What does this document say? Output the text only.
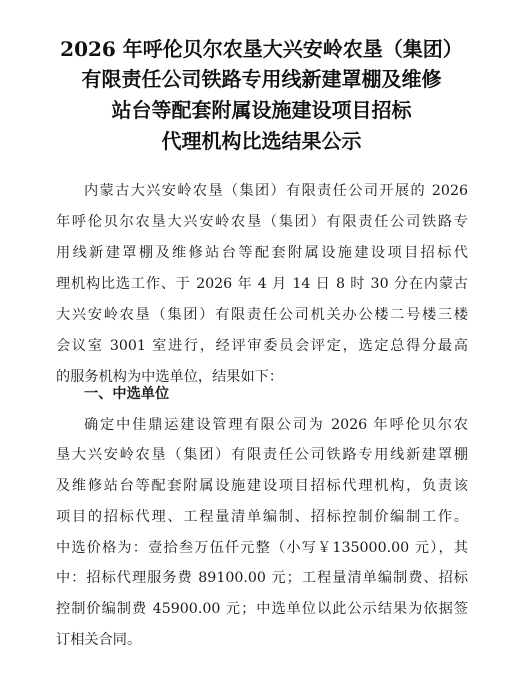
2026 年呼伦贝尔农垦大兴安岭农垦（集团）
有限责任公司铁路专用线新建罩棚及维修
站台等配套附属设施建设项目招标
代理机构比选结果公示
内蒙古大兴安岭农垦（集团）有限责任公司开展的 2026
年呼伦贝尔农垦大兴安岭农垦（集团）有限责任公司铁路专
用线新建罩棚及维修站台等配套附属设施建设项目招标代
理机构比选工作、于 2026 年 4 月 14 日 8 时 30 分在内蒙古
大兴安岭农垦（集团）有限责任公司机关办公楼二号楼三楼
会议室 3001 室进行，经评审委员会评定，选定总得分最高
的服务机构为中选单位，结果如下：
一、中选单位
确定中佳鼎运建设管理有限公司为 2026 年呼伦贝尔农
垦大兴安岭农垦（集团）有限责任公司铁路专用线新建罩棚
及维修站台等配套附属设施建设项目招标代理机构，负责该
项目的招标代理、工程量清单编制、招标控制价编制工作。
中选价格为：壹拾叁万伍仟元整（小写￥135000.00 元），其
中：招标代理服务费 89100.00 元；工程量清单编制费、招标
控制价编制费 45900.00 元；中选单位以此公示结果为依据签
订相关合同。
